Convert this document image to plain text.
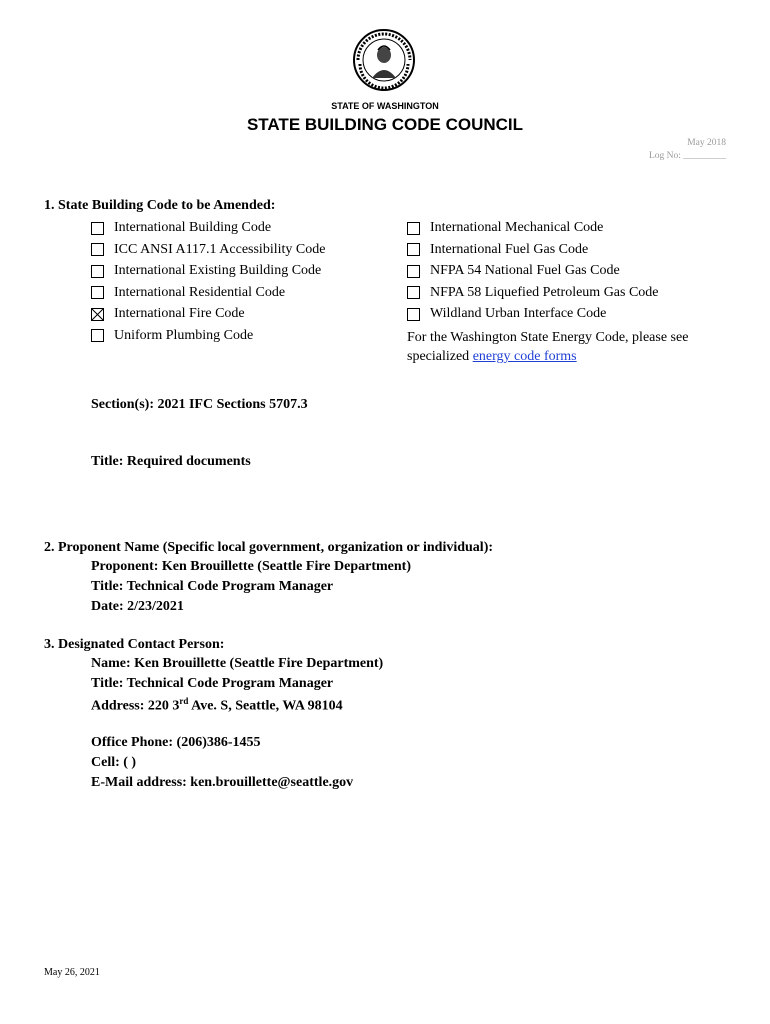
STATE OF WASHINGTON
STATE BUILDING CODE COUNCIL
May 2018
Log No: _________
1. State Building Code to be Amended:
International Building Code
ICC ANSI A117.1 Accessibility Code
International Existing Building Code
International Residential Code
International Fire Code
Uniform Plumbing Code
International Mechanical Code
International Fuel Gas Code
NFPA 54 National Fuel Gas Code
NFPA 58 Liquefied Petroleum Gas Code
Wildland Urban Interface Code
For the Washington State Energy Code, please see specialized energy code forms
Section(s): 2021 IFC Sections 5707.3
Title: Required documents
2. Proponent Name (Specific local government, organization or individual):
Proponent: Ken Brouillette (Seattle Fire Department)
Title: Technical Code Program Manager
Date: 2/23/2021
3. Designated Contact Person:
Name: Ken Brouillette (Seattle Fire Department)
Title: Technical Code Program Manager
Address: 220 3rd Ave. S, Seattle, WA 98104
Office Phone: (206)386-1455
Cell: ( )
E-Mail address: ken.brouillette@seattle.gov
May 26, 2021
